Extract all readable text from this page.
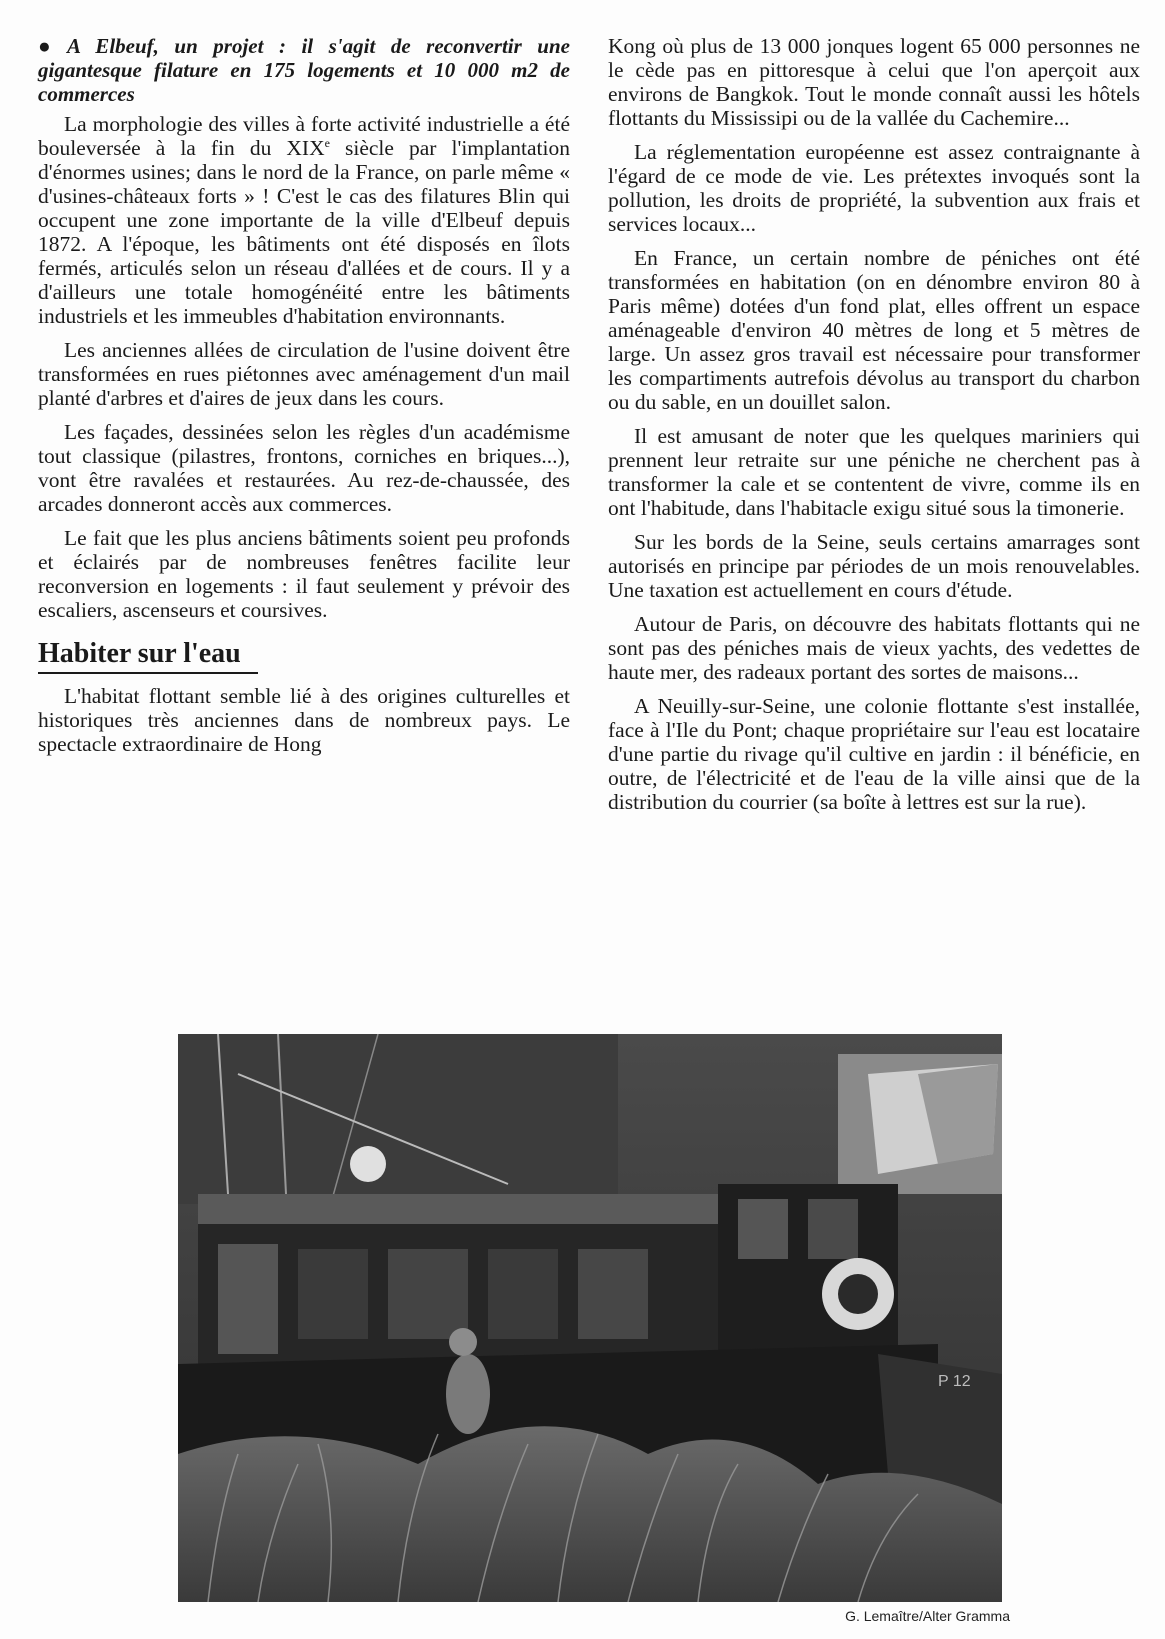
● A Elbeuf, un projet : il s'agit de reconvertir une gigantesque filature en 175 logements et 10 000 m2 de commerces

La morphologie des villes à forte activité industrielle a été bouleversée à la fin du XIXe siècle par l'implantation d'énormes usines; dans le nord de la France, on parle même « d'usines-châteaux forts » ! C'est le cas des filatures Blin qui occupent une zone importante de la ville d'Elbeuf depuis 1872. A l'époque, les bâtiments ont été disposés en îlots fermés, articulés selon un réseau d'allées et de cours. Il y a d'ailleurs une totale homogénéité entre les bâtiments industriels et les immeubles d'habitation environnants.

Les anciennes allées de circulation de l'usine doivent être transformées en rues piétonnes avec aménagement d'un mail planté d'arbres et d'aires de jeux dans les cours.

Les façades, dessinées selon les règles d'un académisme tout classique (pilastres, frontons, corniches en briques...), vont être ravalées et restaurées. Au rez-de-chaussée, des arcades donneront accès aux commerces.

Le fait que les plus anciens bâtiments soient peu profonds et éclairés par de nombreuses fenêtres facilite leur reconversion en logements : il faut seulement y prévoir des escaliers, ascenseurs et coursives.

Habiter sur l'eau

L'habitat flottant semble lié à des origines culturelles et historiques très anciennes dans de nombreux pays. Le spectacle extraordinaire de Hong

Kong où plus de 13 000 jonques logent 65 000 personnes ne le cède pas en pittoresque à celui que l'on aperçoit aux environs de Bangkok. Tout le monde connaît aussi les hôtels flottants du Mississipi ou de la vallée du Cachemire...

La réglementation européenne est assez contraignante à l'égard de ce mode de vie. Les prétextes invoqués sont la pollution, les droits de propriété, la subvention aux frais et services locaux...

En France, un certain nombre de péniches ont été transformées en habitation (on en dénombre environ 80 à Paris même) dotées d'un fond plat, elles offrent un espace aménageable d'environ 40 mètres de long et 5 mètres de large. Un assez gros travail est nécessaire pour transformer les compartiments autrefois dévolus au transport du charbon ou du sable, en un douillet salon.

Il est amusant de noter que les quelques mariniers qui prennent leur retraite sur une péniche ne cherchent pas à transformer la cale et se contentent de vivre, comme ils en ont l'habitude, dans l'habitacle exigu situé sous la timonerie.

Sur les bords de la Seine, seuls certains amarrages sont autorisés en principe par périodes de un mois renouvelables. Une taxation est actuellement en cours d'étude.

Autour de Paris, on découvre des habitats flottants qui ne sont pas des péniches mais de vieux yachts, des vedettes de haute mer, des radeaux portant des sortes de maisons...

A Neuilly-sur-Seine, une colonie flottante s'est installée, face à l'Ile du Pont; chaque propriétaire sur l'eau est locataire d'une partie du rivage qu'il cultive en jardin : il bénéficie, en outre, de l'électricité et de l'eau de la ville ainsi que de la distribution du courrier (sa boîte à lettres est sur la rue).

P 12
G. Lemaître/Alter Gramma
